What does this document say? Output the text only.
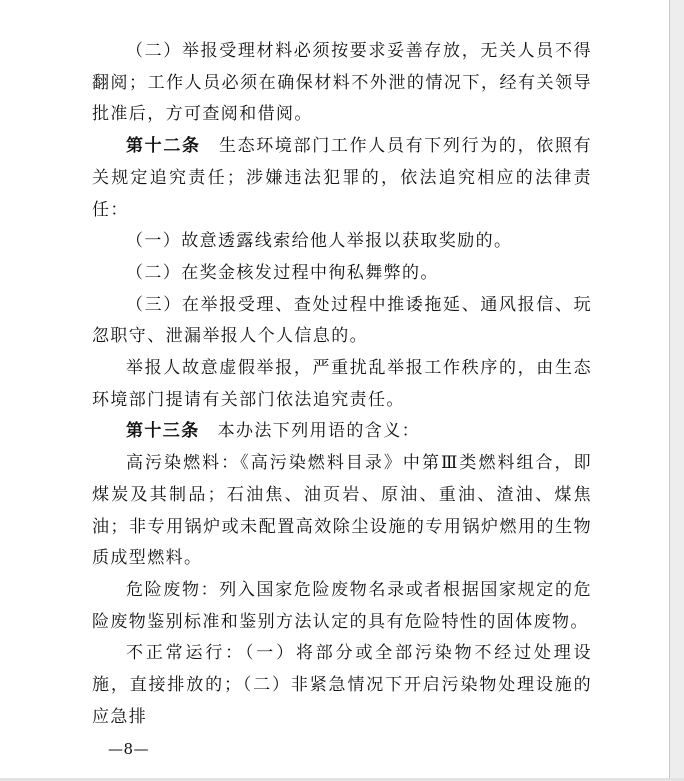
（二）举报受理材料必须按要求妥善存放，无关人员不得翻阅；工作人员必须在确保材料不外泄的情况下，经有关领导批准后，方可查阅和借阅。

第十二条 生态环境部门工作人员有下列行为的，依照有关规定追究责任；涉嫌违法犯罪的，依法追究相应的法律责任：

（一）故意透露线索给他人举报以获取奖励的。

（二）在奖金核发过程中徇私舞弊的。

（三）在举报受理、查处过程中推诿拖延、通风报信、玩忽职守、泄漏举报人个人信息的。

举报人故意虚假举报，严重扰乱举报工作秩序的，由生态环境部门提请有关部门依法追究责任。

第十三条 本办法下列用语的含义：

高污染燃料：《高污染燃料目录》中第Ⅲ类燃料组合，即煤炭及其制品；石油焦、油页岩、原油、重油、渣油、煤焦油；非专用锅炉或未配置高效除尘设施的专用锅炉燃用的生物质成型燃料。

危险废物：列入国家危险废物名录或者根据国家规定的危险废物鉴别标准和鉴别方法认定的具有危险特性的固体废物。

不正常运行：（一）将部分或全部污染物不经过处理设施，直接排放的；（二）非紧急情况下开启污染物处理设施的应急排

—8—
